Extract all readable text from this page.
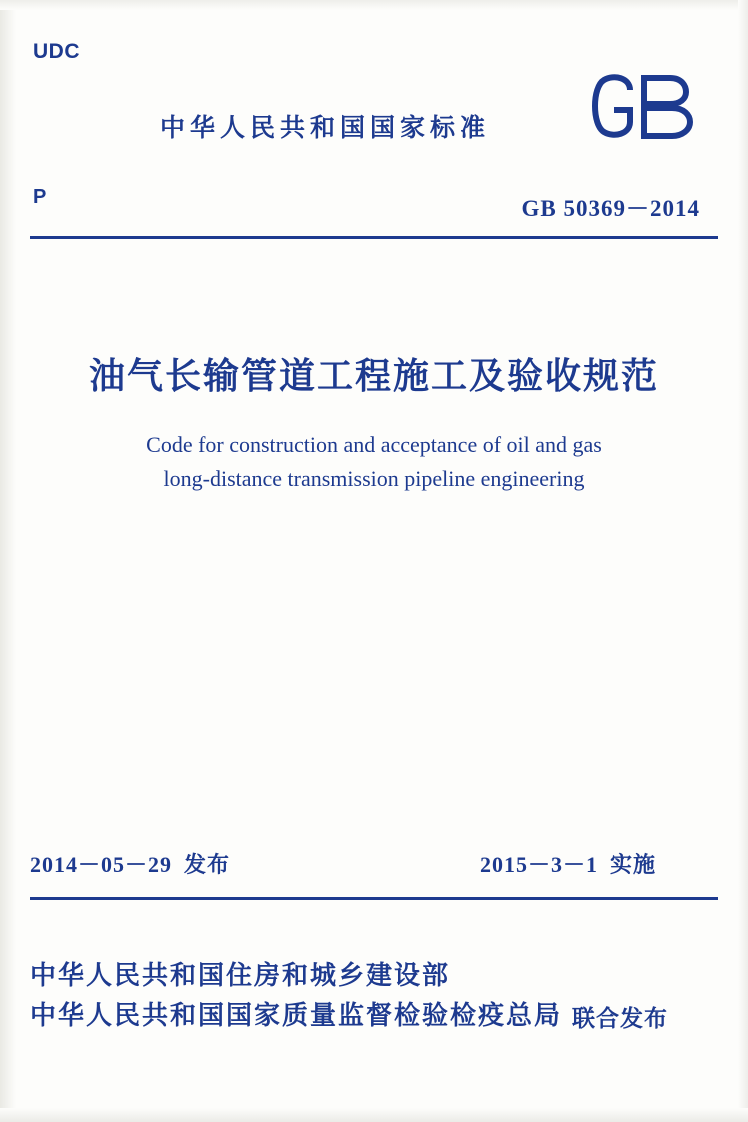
UDC
中华人民共和国国家标准
P	GB 50369－2014
油气长输管道工程施工及验收规范
Code for construction and acceptance of oil and gas
long-distance transmission pipeline engineering
2014－05－29 发布	2015－3－1 实施
中华人民共和国住房和城乡建设部
中华人民共和国国家质量监督检验检疫总局 联合发布
